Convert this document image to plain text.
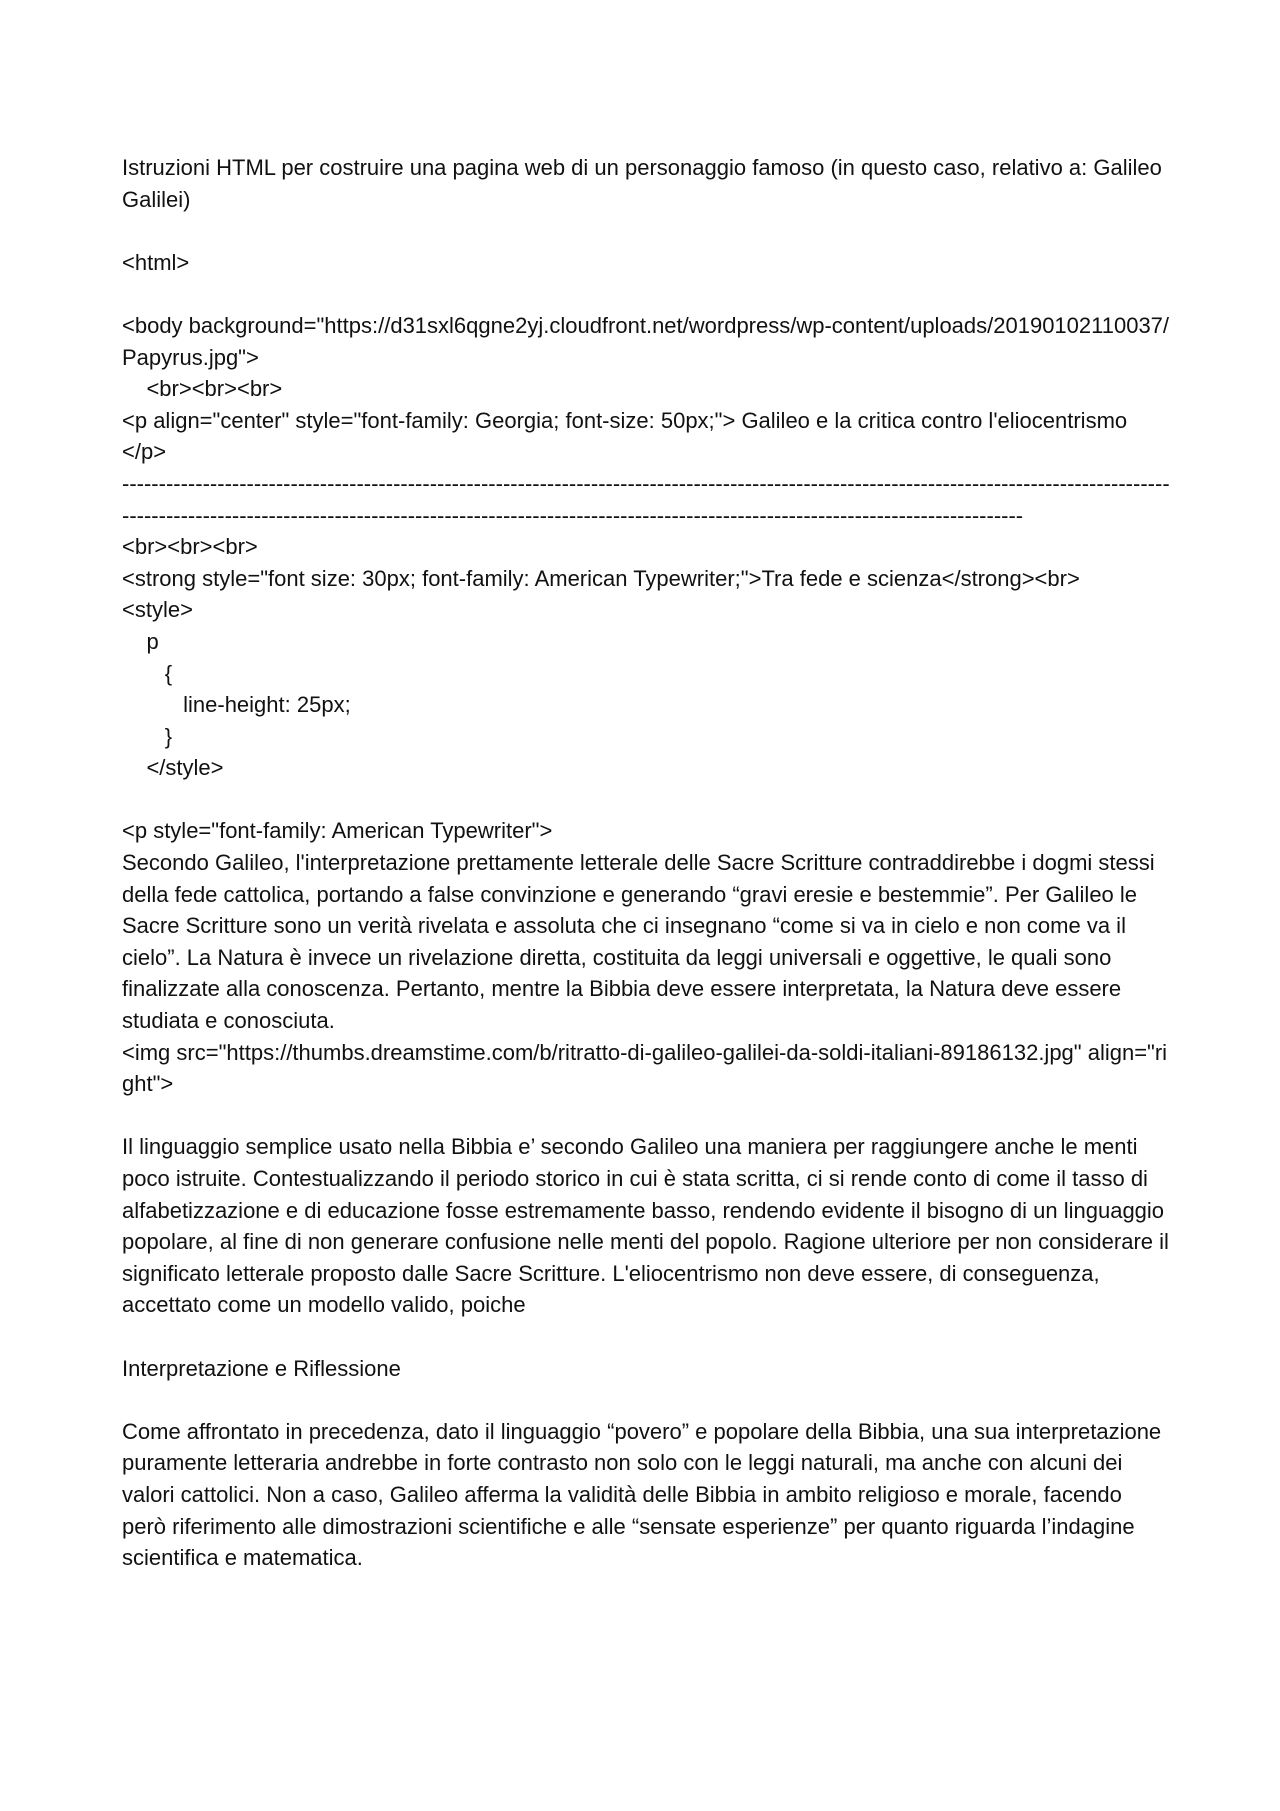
Istruzioni HTML per costruire una pagina web di un personaggio famoso (in questo caso, relativo a: Galileo Galilei)
<html>
<body background="https://d31sxl6qgne2yj.cloudfront.net/wordpress/wp-content/uploads/20190102110037/Papyrus.jpg">
<br><br><br>
<p align="center" style="font-family: Georgia; font-size: 50px;"> Galileo e la critica contro l'eliocentrismo </p>
--------------------------------------------------------------------------------------------------------------------------------------------------------------------------------------------------------------------------------------------------------------------------
<br><br><br>
<strong style="font size: 30px; font-family: American Typewriter;">Tra fede e scienza</strong><br>
<style>
p
{
line-height: 25px;
}
</style>
<p style="font-family: American Typewriter">
Secondo Galileo, l'interpretazione prettamente letterale delle Sacre Scritture contraddirebbe i dogmi stessi della fede cattolica, portando a false convinzione e generando “gravi eresie e bestemmie”. Per Galileo le Sacre Scritture sono un verità rivelata e assoluta che ci insegnano “come si va in cielo e non come va il cielo”. La Natura è invece un rivelazione diretta, costituita da leggi universali e oggettive, le quali sono finalizzate alla conoscenza. Pertanto, mentre la Bibbia deve essere interpretata, la Natura deve essere studiata e conosciuta.
<img src="https://thumbs.dreamstime.com/b/ritratto-di-galileo-galilei-da-soldi-italiani-89186132.jpg" align="right">
Il linguaggio semplice usato nella Bibbia e’ secondo Galileo una maniera per raggiungere anche le menti poco istruite. Contestualizzando il periodo storico in cui è stata scritta, ci si rende conto di come il tasso di alfabetizzazione e di educazione fosse estremamente basso, rendendo evidente il bisogno di un linguaggio popolare, al fine di non generare confusione nelle menti del popolo. Ragione ulteriore per non considerare il significato letterale proposto dalle Sacre Scritture. L'eliocentrismo non deve essere, di conseguenza, accettato come un modello valido, poiche
Interpretazione e Riflessione
Come affrontato in precedenza, dato il linguaggio “povero” e popolare della Bibbia, una sua interpretazione puramente letteraria andrebbe in forte contrasto non solo con le leggi naturali, ma anche con alcuni dei valori cattolici. Non a caso, Galileo afferma la validità delle Bibbia in ambito religioso e morale, facendo però riferimento alle dimostrazioni scientifiche e alle “sensate esperienze” per quanto riguarda l’indagine scientifica e matematica.
